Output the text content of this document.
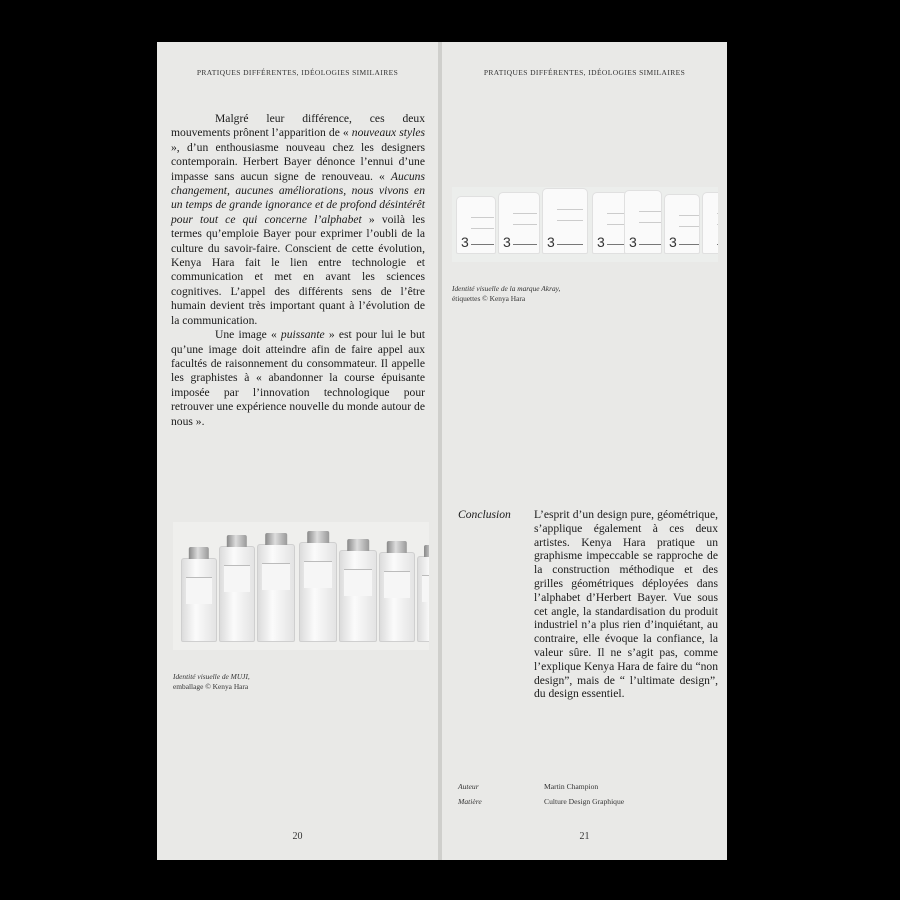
PRATIQUES DIFFÉRENTES, IDÉOLOGIES SIMILAIRES

Malgré leur différence, ces deux mouvements prônent l’apparition de « nouveaux styles », d’un enthousiasme nouveau chez les designers contemporain. Herbert Bayer dénonce l’ennui d’une impasse sans aucun signe de renouveau. « Aucuns changement, aucunes améliorations, nous vivons en un temps de grande ignorance et de profond désintérêt pour tout ce qui concerne l’alphabet » voilà les termes qu’emploie Bayer pour exprimer l’oubli de la culture du savoir-faire. Conscient de cette évolution, Kenya Hara fait le lien entre technologie et communication et met en avant les sciences cognitives. L’appel des différents sens de l’être humain devient très important quant à l’évolution de la communication.

Une image « puissante » est pour lui le but qu’une image doit atteindre afin de faire appel aux facultés de raisonnement du consommateur. Il appelle les graphistes à « abandonner la course épuisante imposée par l’innovation technologique pour retrouver une expérience nouvelle du monde autour de nous ».

Identité visuelle de MUJI,
emballage © Kenya Hara
20
PRATIQUES DIFFÉRENTES, IDÉOLOGIES SIMILAIRES
3 3	3	3 3 3
Identité visuelle de la marque Akray,
étiquettes © Kenya Hara
Conclusion L’esprit d’un design pure, géométrique, s’applique également à ces deux artistes. Kenya Hara pratique un graphisme impeccable se rapproche de la construction méthodique et des grilles géométriques déployées dans l’alphabet d’Herbert Bayer. Vue sous cet angle, la standardisation du produit industriel n’a plus rien d’inquiétant, au contraire, elle évoque la confiance, la valeur sûre. Il ne s’agit pas, comme l’explique Kenya Hara de faire du “non design”, mais de “ l’ultimate design”, du design essentiel.
Auteur	Martin Champion
Matière	Culture Design Graphique
21
